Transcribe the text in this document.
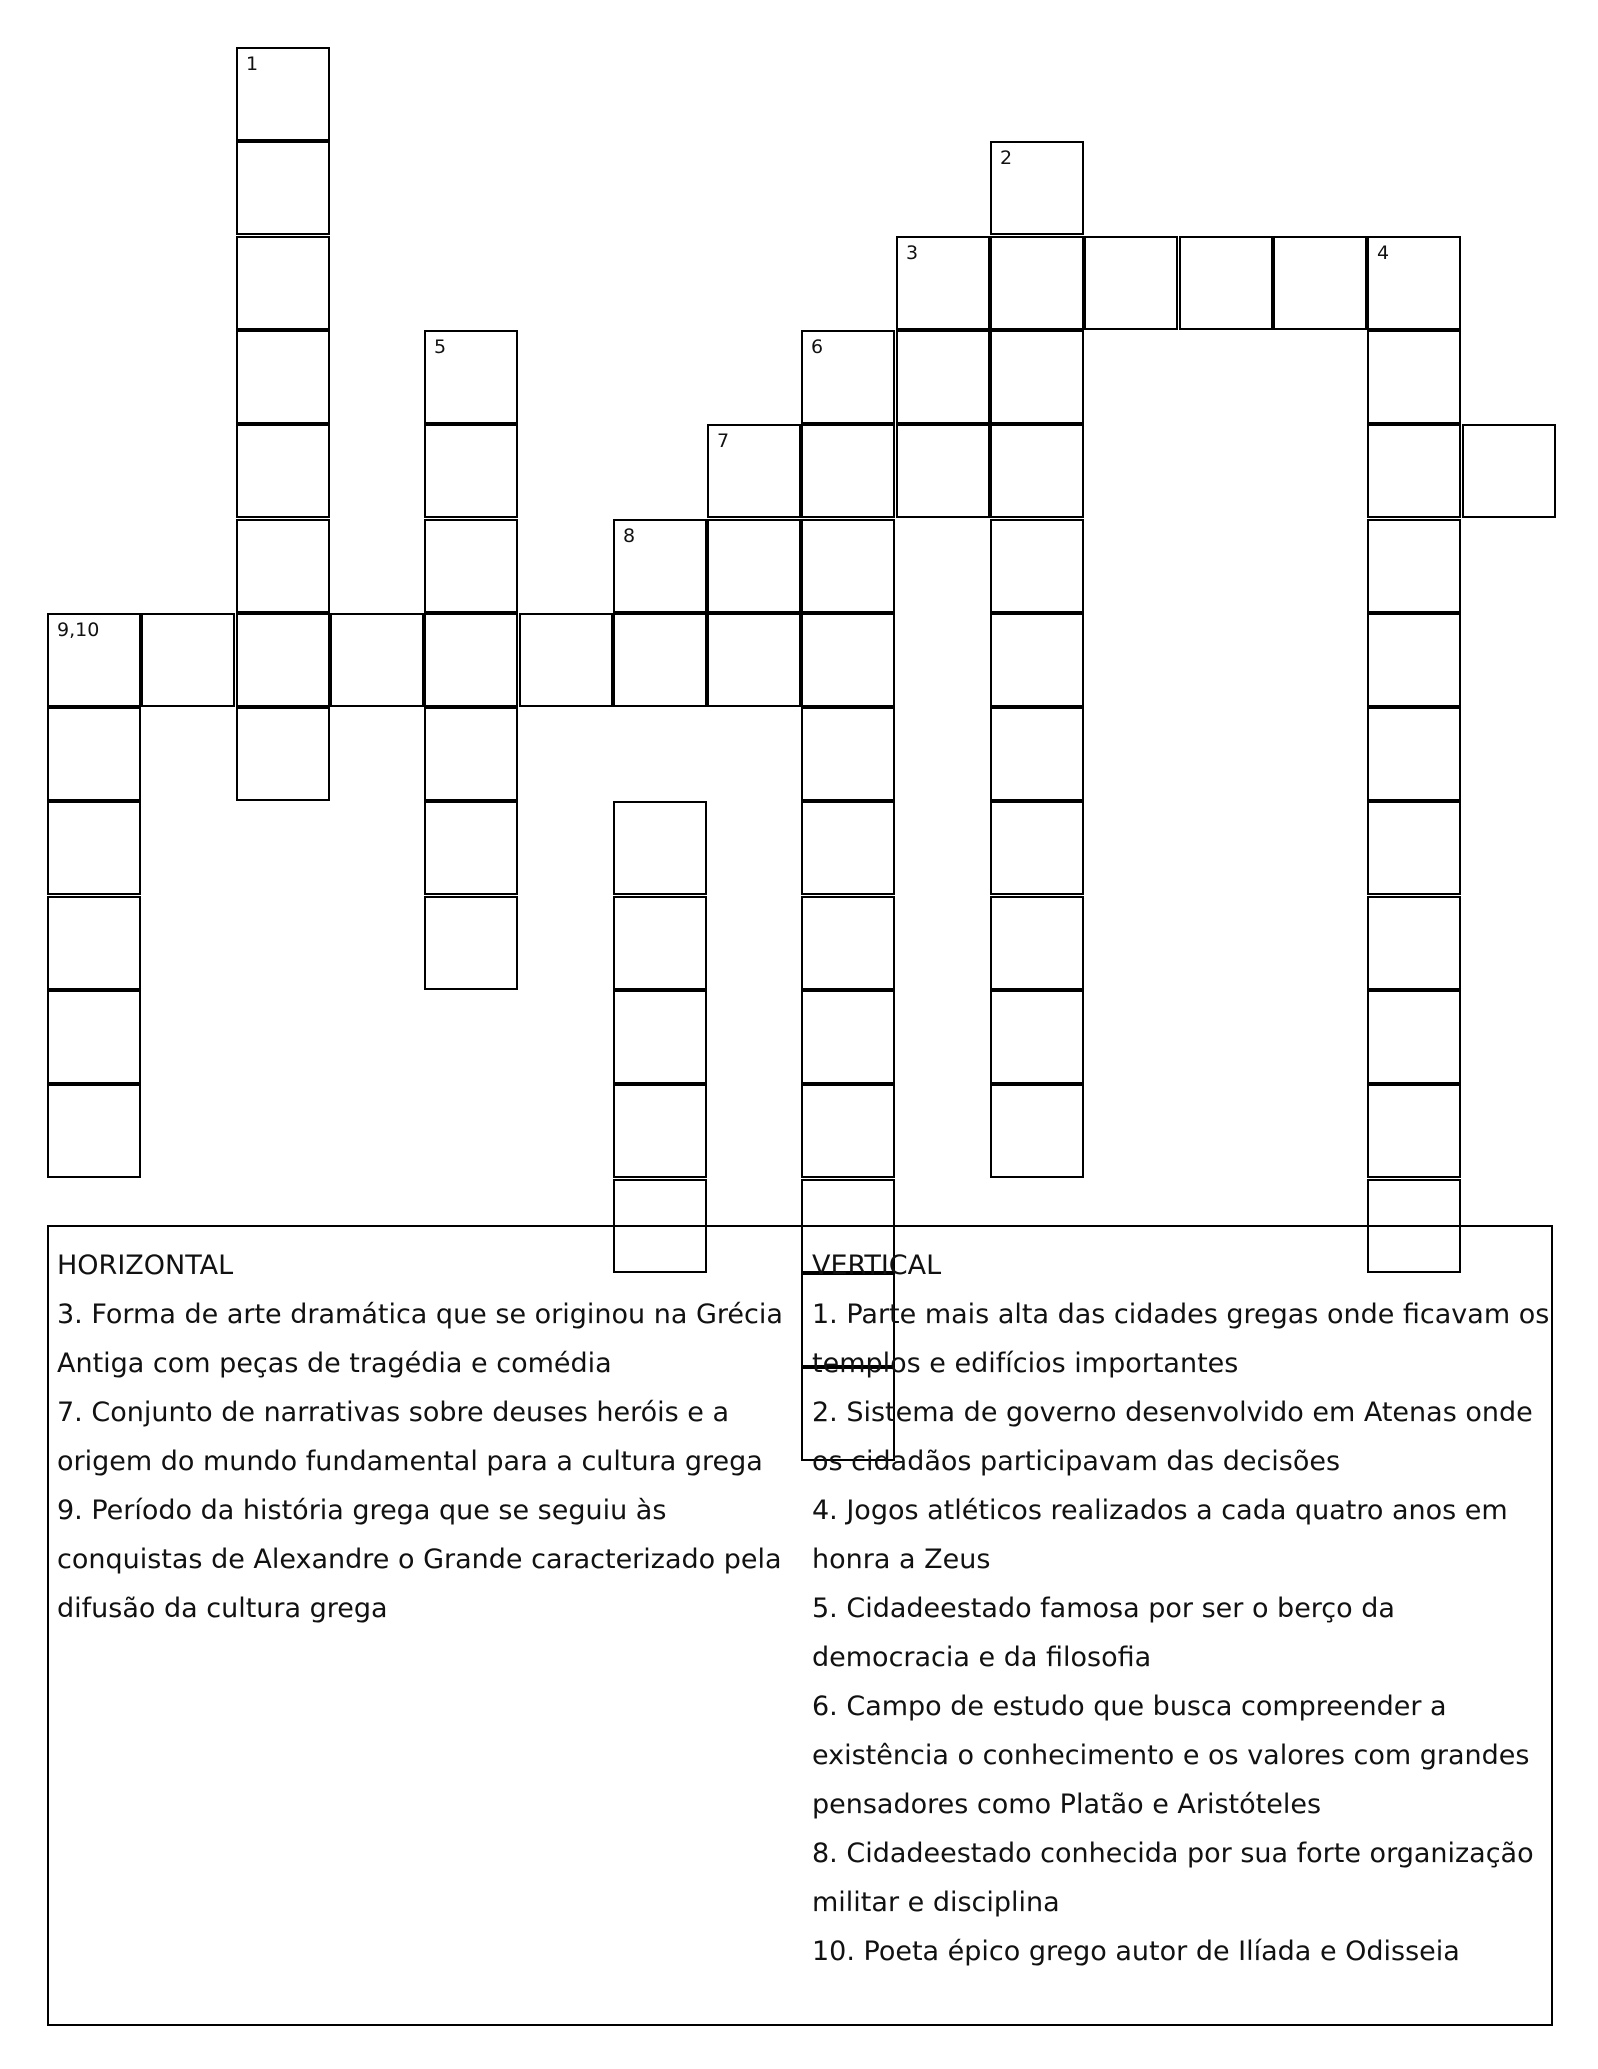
1
2
3	4
5	6
7
8
9,10

HORIZONTAL

3. Forma de arte dramática que se originou na Grécia Antiga com peças de tragédia e comédia

7. Conjunto de narrativas sobre deuses heróis e a origem do mundo fundamental para a cultura grega

9. Período da história grega que se seguiu às conquistas de Alexandre o Grande caracterizado pela difusão da cultura grega

VERTICAL

1. Parte mais alta das cidades gregas onde ficavam os templos e edifícios importantes

2. Sistema de governo desenvolvido em Atenas onde os cidadãos participavam das decisões

4. Jogos atléticos realizados a cada quatro anos em honra a Zeus

5. Cidadeestado famosa por ser o berço da democracia e da filosofia

6. Campo de estudo que busca compreender a existência o conhecimento e os valores com grandes pensadores como Platão e Aristóteles

8. Cidadeestado conhecida por sua forte organização militar e disciplina

10. Poeta épico grego autor de Ilíada e Odisseia
